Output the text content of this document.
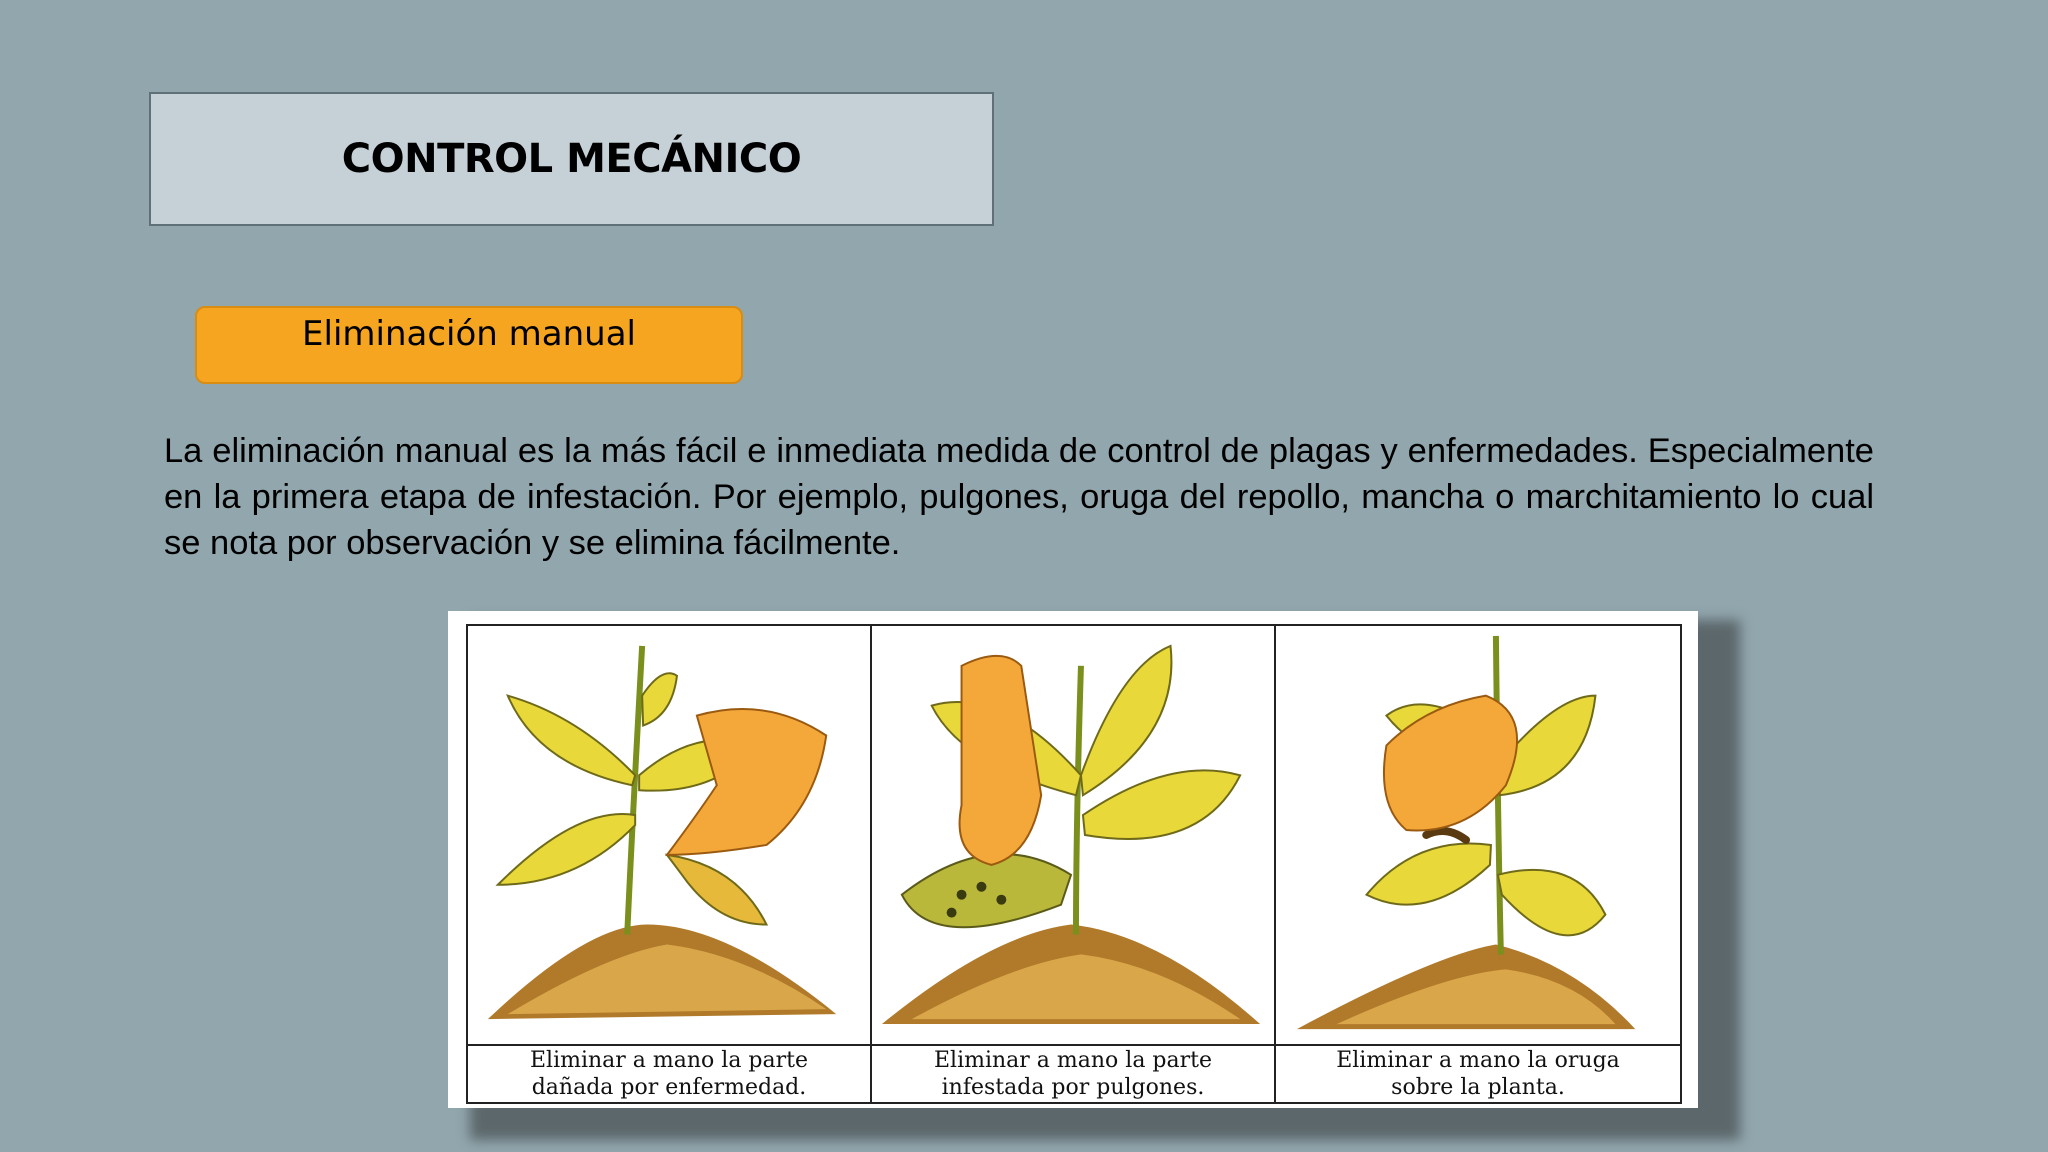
CONTROL MECÁNICO
Eliminación manual
La eliminación manual es la más fácil e inmediata medida de control de plagas y enfermedades. Especialmente en la primera etapa de infestación. Por ejemplo, pulgones, oruga del repollo, mancha o marchitamiento lo cual se nota por observación y se elimina fácilmente.
Eliminar a mano la parte
dañada por enfermedad.
Eliminar a mano la parte
infestada por pulgones.
Eliminar a mano la oruga
sobre la planta.
